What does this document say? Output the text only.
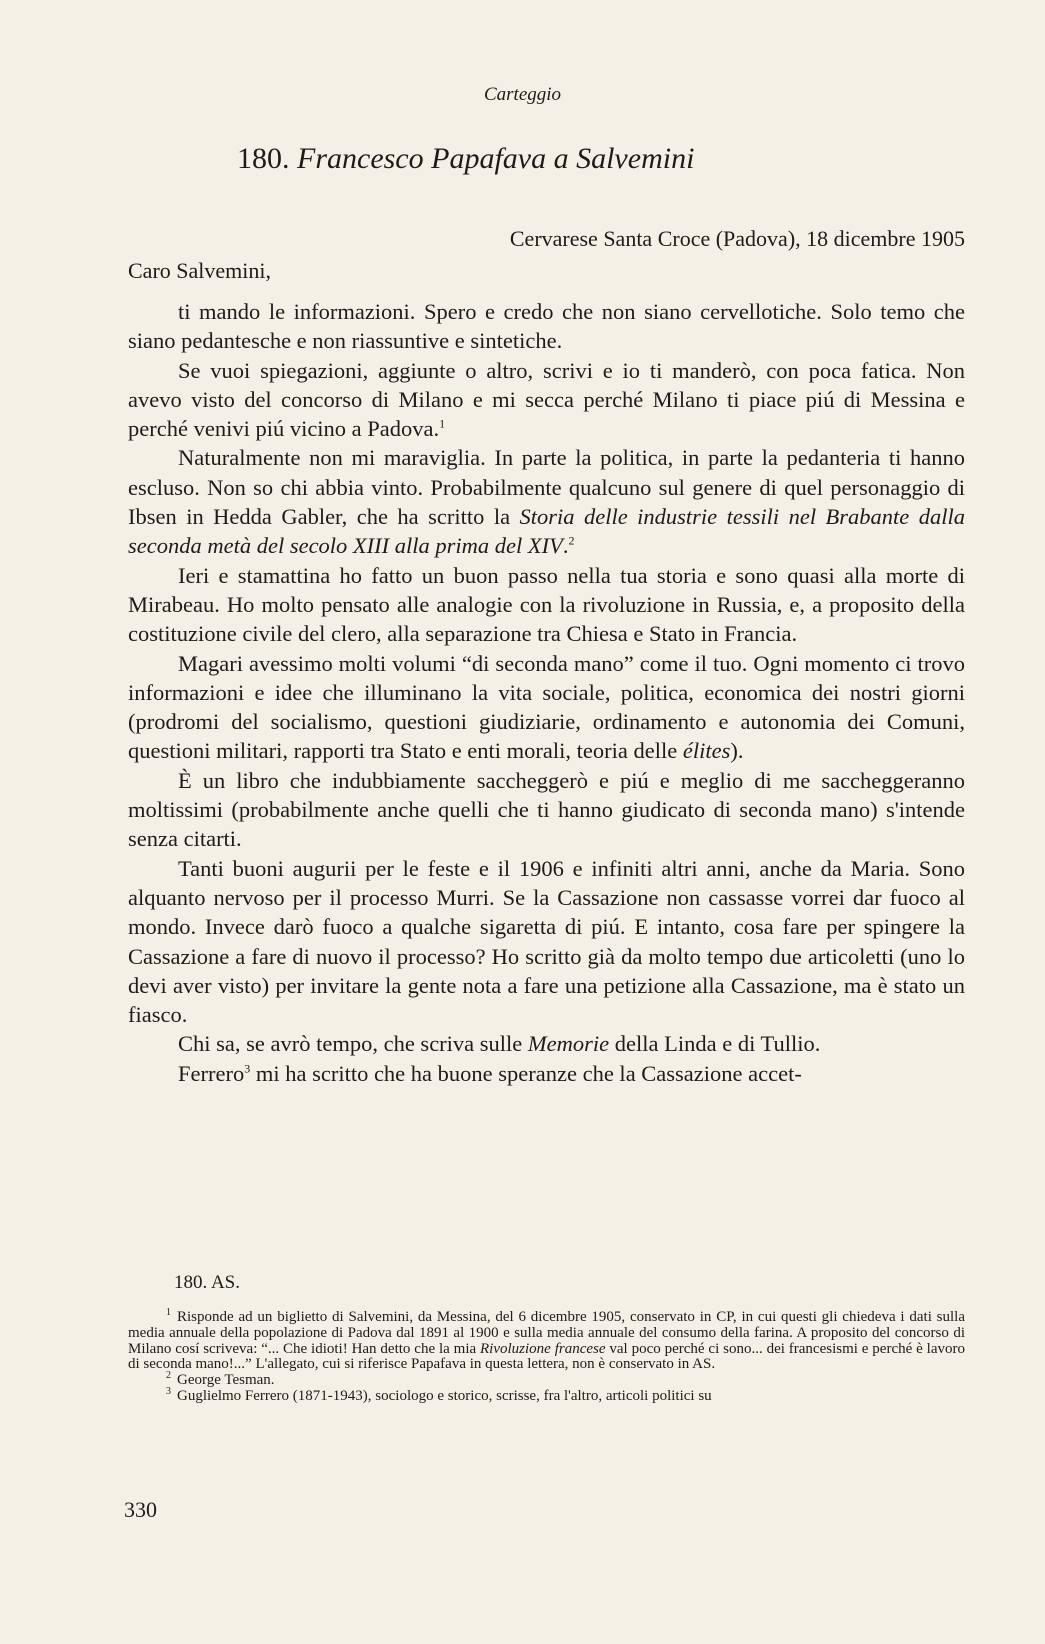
Carteggio
180. Francesco Papafava a Salvemini
Cervarese Santa Croce (Padova), 18 dicembre 1905
Caro Salvemini,

ti mando le informazioni. Spero e credo che non siano cervellotiche. Solo temo che siano pedantesche e non riassuntive e sintetiche.

Se vuoi spiegazioni, aggiunte o altro, scrivi e io ti manderò, con poca fatica. Non avevo visto del concorso di Milano e mi secca perché Milano ti piace piú di Messina e perché venivi piú vicino a Padova.$^1$

Naturalmente non mi maraviglia. In parte la politica, in parte la pedanteria ti hanno escluso. Non so chi abbia vinto. Probabilmente qualcuno sul genere di quel personaggio di Ibsen in Hedda Gabler, che ha scritto la Storia delle industrie tessili nel Brabante dalla seconda metà del secolo XIII alla prima del XIV.$^2$

Ieri e stamattina ho fatto un buon passo nella tua storia e sono quasi alla morte di Mirabeau. Ho molto pensato alle analogie con la rivoluzione in Russia, e, a proposito della costituzione civile del clero, alla separazione tra Chiesa e Stato in Francia.

Magari avessimo molti volumi “di seconda mano” come il tuo. Ogni momento ci trovo informazioni e idee che illuminano la vita sociale, politica, economica dei nostri giorni (prodromi del socialismo, questioni giudiziarie, ordinamento e autonomia dei Comuni, questioni militari, rapporti tra Stato e enti morali, teoria delle élites).

È un libro che indubbiamente saccheggerò e piú e meglio di me saccheggeranno moltissimi (probabilmente anche quelli che ti hanno giudicato di seconda mano) s'intende senza citarti.

Tanti buoni augurii per le feste e il 1906 e infiniti altri anni, anche da Maria. Sono alquanto nervoso per il processo Murri. Se la Cassazione non cassasse vorrei dar fuoco al mondo. Invece darò fuoco a qualche sigaretta di piú. E intanto, cosa fare per spingere la Cassazione a fare di nuovo il processo? Ho scritto già da molto tempo due articoletti (uno lo devi aver visto) per invitare la gente nota a fare una petizione alla Cassazione, ma è stato un fiasco.

Chi sa, se avrò tempo, che scriva sulle Memorie della Linda e di Tullio.

Ferrero$^3$ mi ha scritto che ha buone speranze che la Cassazione accet-

180. AS.

$^1$ Risponde ad un biglietto di Salvemini, da Messina, del 6 dicembre 1905, conservato in CP, in cui questi gli chiedeva i dati sulla media annuale della popolazione di Padova dal 1891 al 1900 e sulla media annuale del consumo della farina. A proposito del concorso di Milano cosí scriveva: “... Che idioti! Han detto che la mia Rivoluzione francese val poco perché ci sono... dei francesismi e perché è lavoro di seconda mano!...” L'allegato, cui si riferisce Papafava in questa lettera, non è conservato in AS.

$^2$ George Tesman.

$^3$ Guglielmo Ferrero (1871-1943), sociologo e storico, scrisse, fra l'altro, articoli politici su

330
